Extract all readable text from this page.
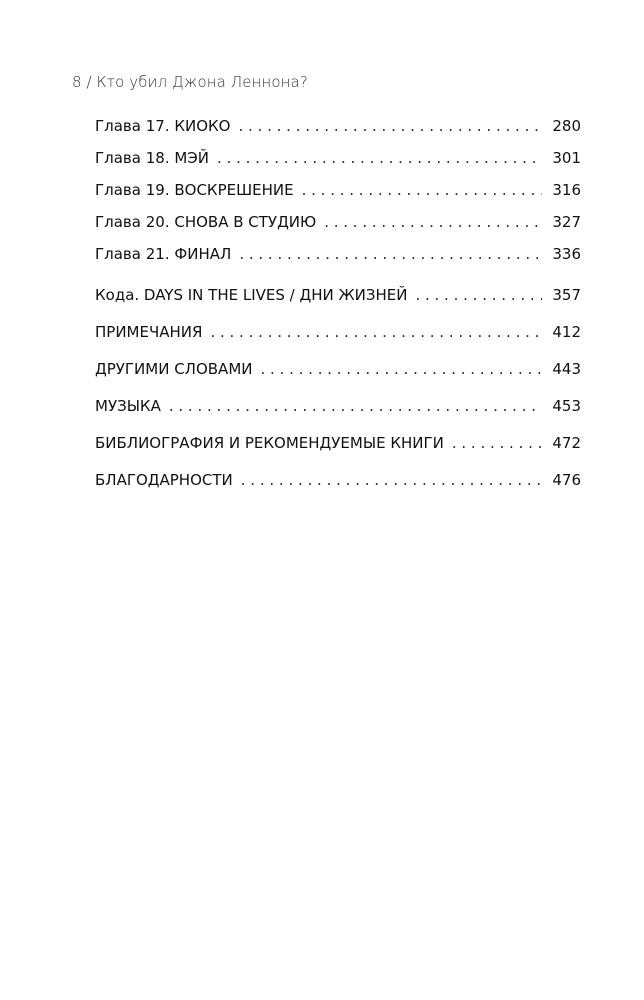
8 / Кто убил Джона Леннона?
Глава 17. КИОКО . . .	280
Глава 18. МЭЙ . . .	301
Глава 19. ВОСКРЕШЕНИЕ . . .	316
Глава 20. СНОВА В СТУДИЮ . . .	327
Глава 21. ФИНАЛ . . .	336
Кода. DAYS IN THE LIVES / ДНИ ЖИЗНЕЙ . . .	357
ПРИМЕЧАНИЯ . . .	412
ДРУГИМИ СЛОВАМИ . . .	443
МУЗЫКА . . .	453
БИБЛИОГРАФИЯ И РЕКОМЕНДУЕМЫЕ КНИГИ . . .	472
БЛАГОДАРНОСТИ . . .	476
